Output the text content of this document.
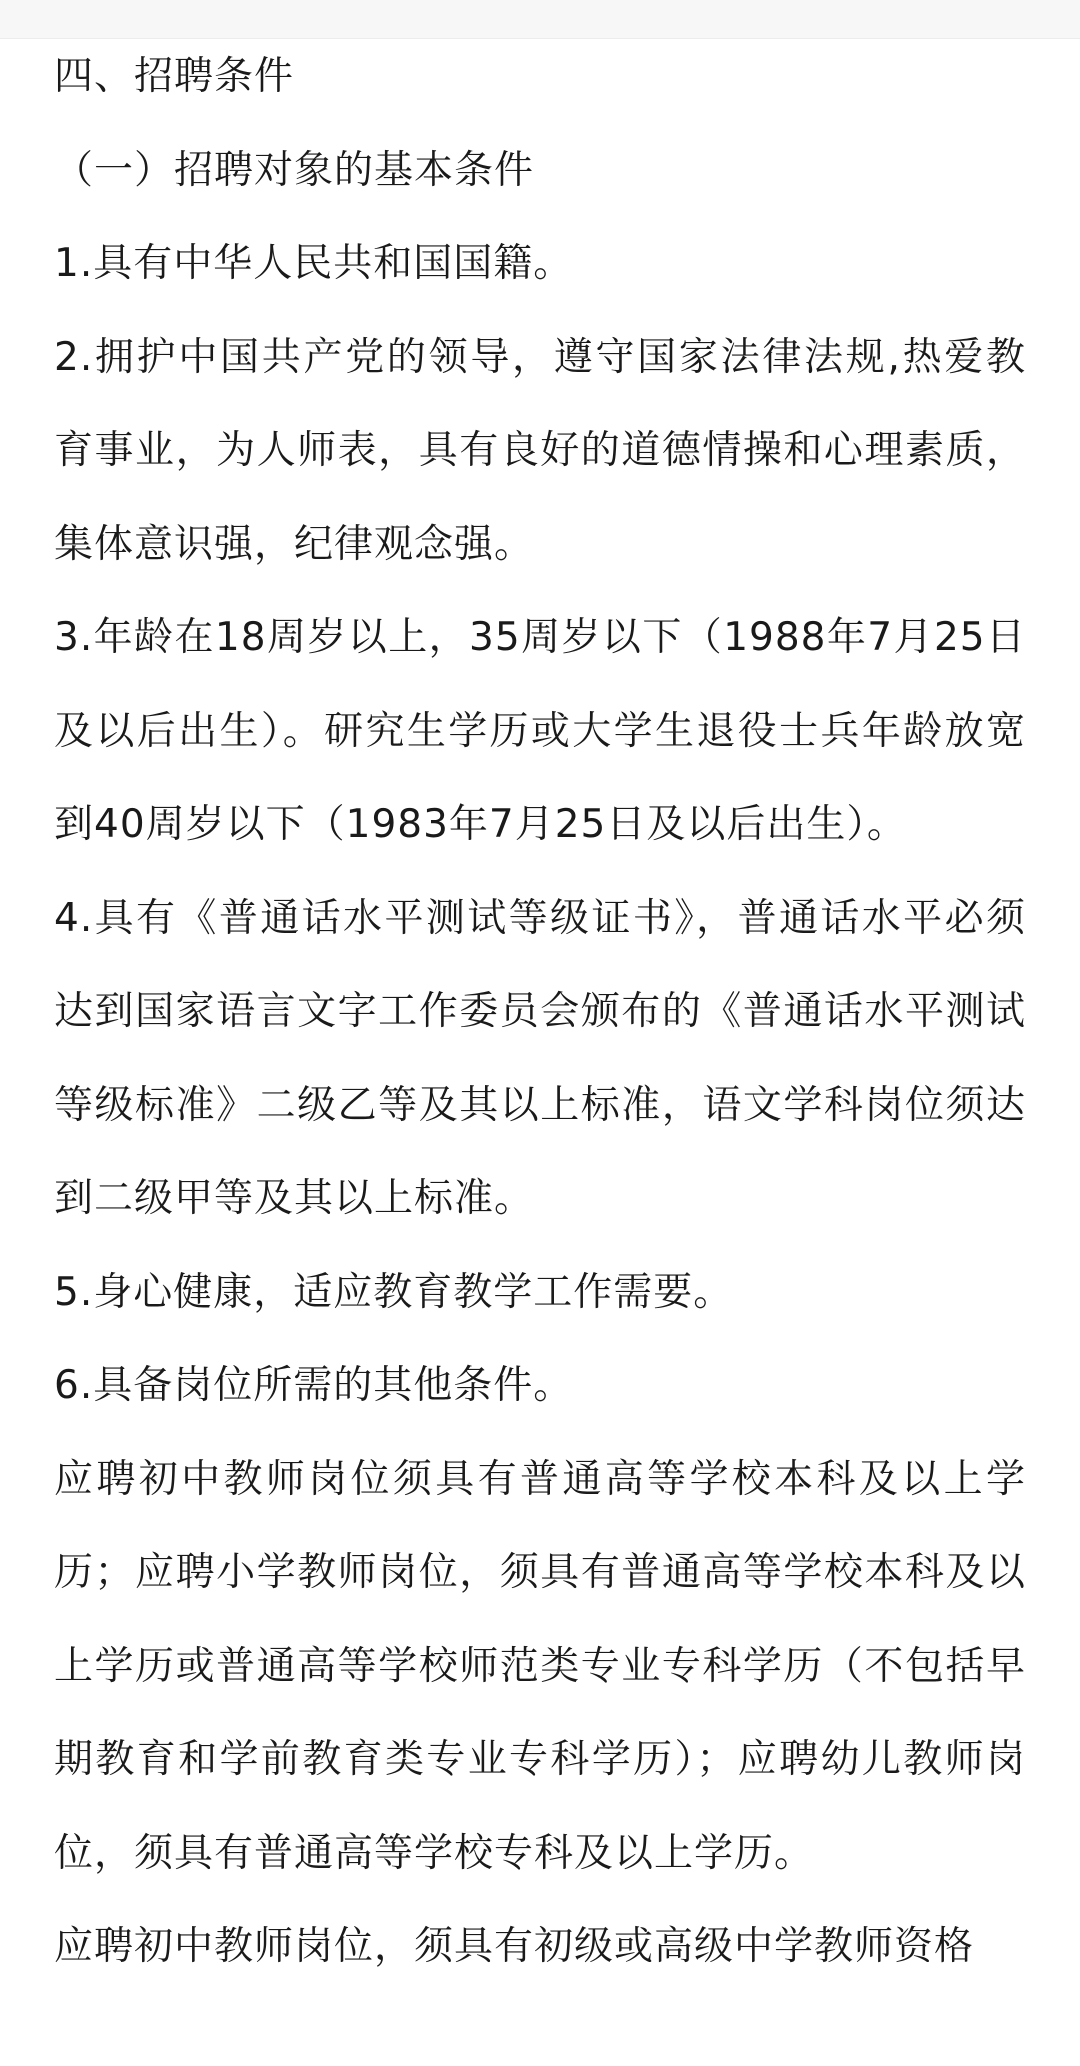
四、招聘条件

（一）招聘对象的基本条件

1.具有中华人民共和国国籍。

2.拥护中国共产党的领导，遵守国家法律法规,热爱教育事业，为人师表，具有良好的道德情操和心理素质，集体意识强，纪律观念强。

3.年龄在18周岁以上，35周岁以下（1988年7月25日及以后出生）。研究生学历或大学生退役士兵年龄放宽到40周岁以下（1983年7月25日及以后出生）。

4.具有《普通话水平测试等级证书》，普通话水平必须达到国家语言文字工作委员会颁布的《普通话水平测试等级标准》二级乙等及其以上标准，语文学科岗位须达到二级甲等及其以上标准。

5.身心健康，适应教育教学工作需要。

6.具备岗位所需的其他条件。

应聘初中教师岗位须具有普通高等学校本科及以上学历；应聘小学教师岗位，须具有普通高等学校本科及以上学历或普通高等学校师范类专业专科学历（不包括早期教育和学前教育类专业专科学历）；应聘幼儿教师岗位，须具有普通高等学校专科及以上学历。

应聘初中教师岗位，须具有初级或高级中学教师资格
